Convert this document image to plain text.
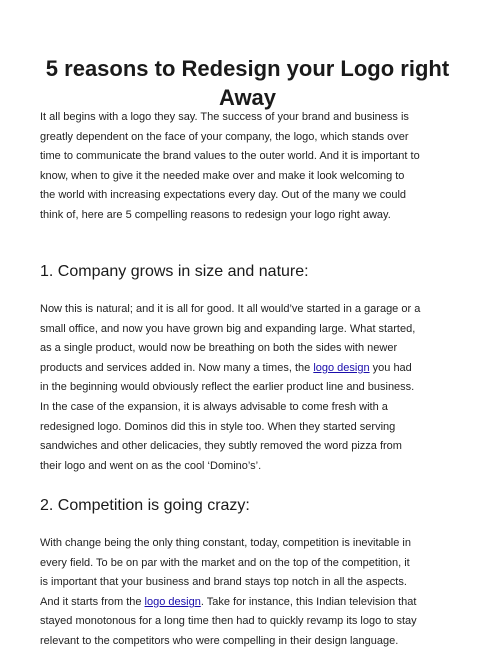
5 reasons to Redesign your Logo right
Away

It all begins with a logo they say. The success of your brand and business is
greatly dependent on the face of your company, the logo, which stands over
time to communicate the brand values to the outer world. And it is important to
know, when to give it the needed make over and make it look welcoming to
the world with increasing expectations every day. Out of the many we could
think of, here are 5 compelling reasons to redesign your logo right away.

1. Company grows in size and nature:

Now this is natural; and it is all for good. It all would’ve started in a garage or a
small office, and now you have grown big and expanding large. What started,
as a single product, would now be breathing on both the sides with newer
products and services added in. Now many a times, the logo design you had
in the beginning would obviously reflect the earlier product line and business.
In the case of the expansion, it is always advisable to come fresh with a
redesigned logo. Dominos did this in style too. When they started serving
sandwiches and other delicacies, they subtly removed the word pizza from
their logo and went on as the cool ‘Domino’s’.

2. Competition is going crazy:

With change being the only thing constant, today, competition is inevitable in
every field. To be on par with the market and on the top of the competition, it
is important that your business and brand stays top notch in all the aspects.
And it starts from the logo design. Take for instance, this Indian television that
stayed monotonous for a long time then had to quickly revamp its logo to stay
relevant to the competitors who were compelling in their design language.
